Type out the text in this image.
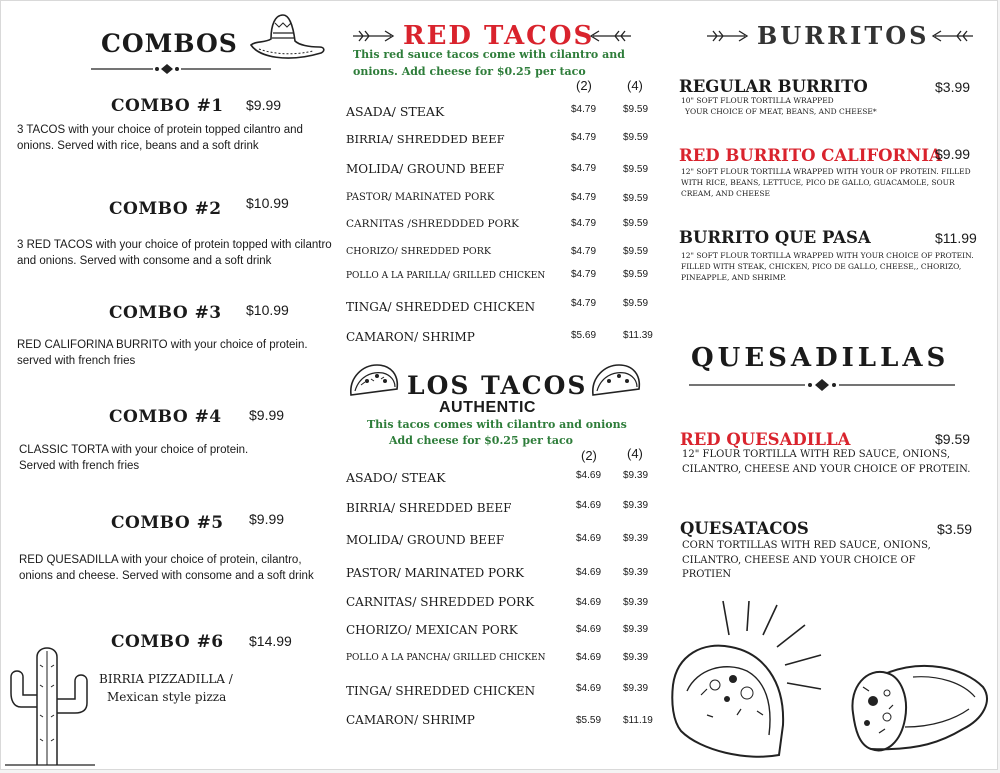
COMBOS
COMBO #1 $9.99
3 TACOS with your choice of protein topped cilantro and onions. Served with rice, beans and a soft drink
COMBO #2 $10.99
3 RED TACOS with your choice of protein topped with cilantro and onions. Served with consome and a soft drink
COMBO #3 $10.99
RED CALIFORINA BURRITO with your choice of protein. served with french fries
COMBO #4 $9.99
CLASSIC TORTA with your choice of protein. Served with french fries
COMBO #5 $9.99
RED QUESADILLA with your choice of protein, cilantro, onions and cheese. Served with consome and a soft drink
COMBO #6 $14.99
BIRRIA PIZZADILLA /
Mexican style pizza
RED TACOS
This red sauce tacos come with cilantro and
onions. Add cheese for $0.25 per taco
(2)	(4)
ASADA/ STEAK	$4.79	$9.59
BIRRIA/ SHREDDED BEEF	$4.79	$9.59
MOLIDA/ GROUND BEEF	$4.79	$9.59
PASTOR/ MARINATED PORK	$4.79	$9.59
CARNITAS /SHREDDDED PORK	$4.79	$9.59
CHORIZO/ SHREDDED PORK	$4.79	$9.59
POLLO A LA PARILLA/ GRILLED CHICKEN	$4.79	$9.59
TINGA/ SHREDDED CHICKEN	$4.79	$9.59
CAMARON/ SHRIMP	$5.69	$11.39
LOS TACOS
AUTHENTIC
This tacos comes with cilantro and onions
Add cheese for $0.25 per taco
(2) (4)
ASADO/ STEAK	$4.69 $9.39
BIRRIA/ SHREDDED BEEF	$4.69 $9.39
MOLIDA/ GROUND BEEF	$4.69 $9.39
PASTOR/ MARINATED PORK	$4.69 $9.39
CARNITAS/ SHREDDED PORK	$4.69 $9.39
CHORIZO/ MEXICAN PORK	$4.69 $9.39
POLLO A LA PANCHA/ GRILLED CHICKEN	$4.69 $9.39
TINGA/ SHREDDED CHICKEN	$4.69 $9.39
CAMARON/ SHRIMP	$5.59 $11.19
BURRITOS
REGULAR BURRITO	$3.99
10" SOFT FLOUR TORTILLA WRAPPED
YOUR CHOICE OF MEAT, BEANS, AND CHEESE*
RED BURRITO CALIFORNIA
$9.99
12" SOFT FLOUR TORTILLA WRAPPED WITH YOUR OF PROTEIN. FILLED WITH RICE, BEANS, LETTUCE, PICO DE GALLO, GUACAMOLE, SOUR CREAM, AND CHEESE
BURRITO QUE PASA	$11.99
12" SOFT FLOUR TORTILLA WRAPPED WITH YOUR CHOICE OF PROTEIN. FILLED WITH STEAK, CHICKEN, PICO DE GALLO, CHEESE,, CHORIZO, PINEAPPLE, AND SHRIMP.
QUESADILLAS
RED QUESADILLA	$9.59
12" FLOUR TORTILLA WITH RED SAUCE, ONIONS, CILANTRO, CHEESE AND YOUR CHOICE OF PROTEIN.
QUESATACOS	$3.59
CORN TORTILLAS WITH RED SAUCE, ONIONS, CILANTRO, CHEESE AND YOUR CHOICE OF PROTIEN
